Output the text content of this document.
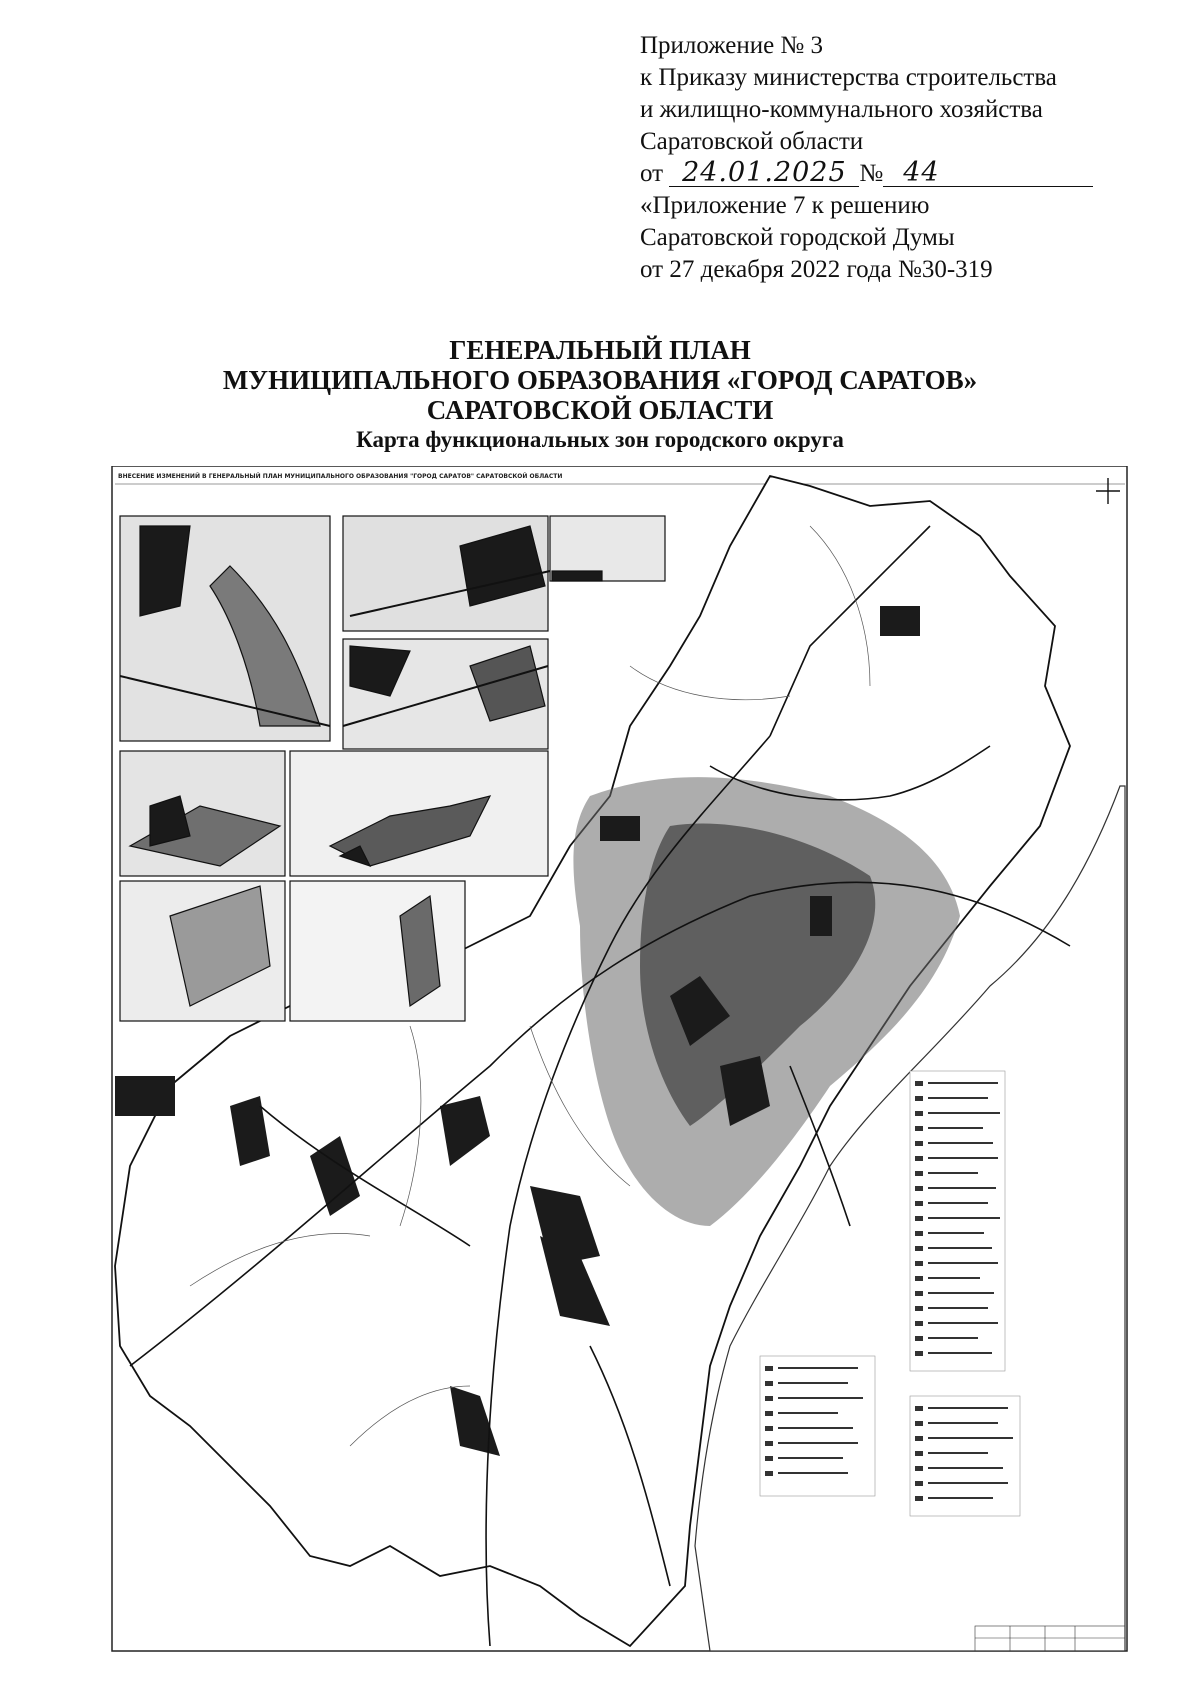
Приложение № 3
к Приказу министерства строительства
и жилищно-коммунального хозяйства
Саратовской области
от 24.01.2025 № 44
«Приложение 7 к решению
Саратовской городской Думы
от 27 декабря 2022 года №30-319
ГЕНЕРАЛЬНЫЙ ПЛАН
МУНИЦИПАЛЬНОГО ОБРАЗОВАНИЯ «ГОРОД САРАТОВ»
САРАТОВСКОЙ ОБЛАСТИ
Карта функциональных зон городского округа
ВНЕСЕНИЕ ИЗМЕНЕНИЙ В ГЕНЕРАЛЬНЫЙ ПЛАН МУНИЦИПАЛЬНОГО ОБРАЗОВАНИЯ "ГОРОД САРАТОВ" САРАТОВСКОЙ ОБЛАСТИ
